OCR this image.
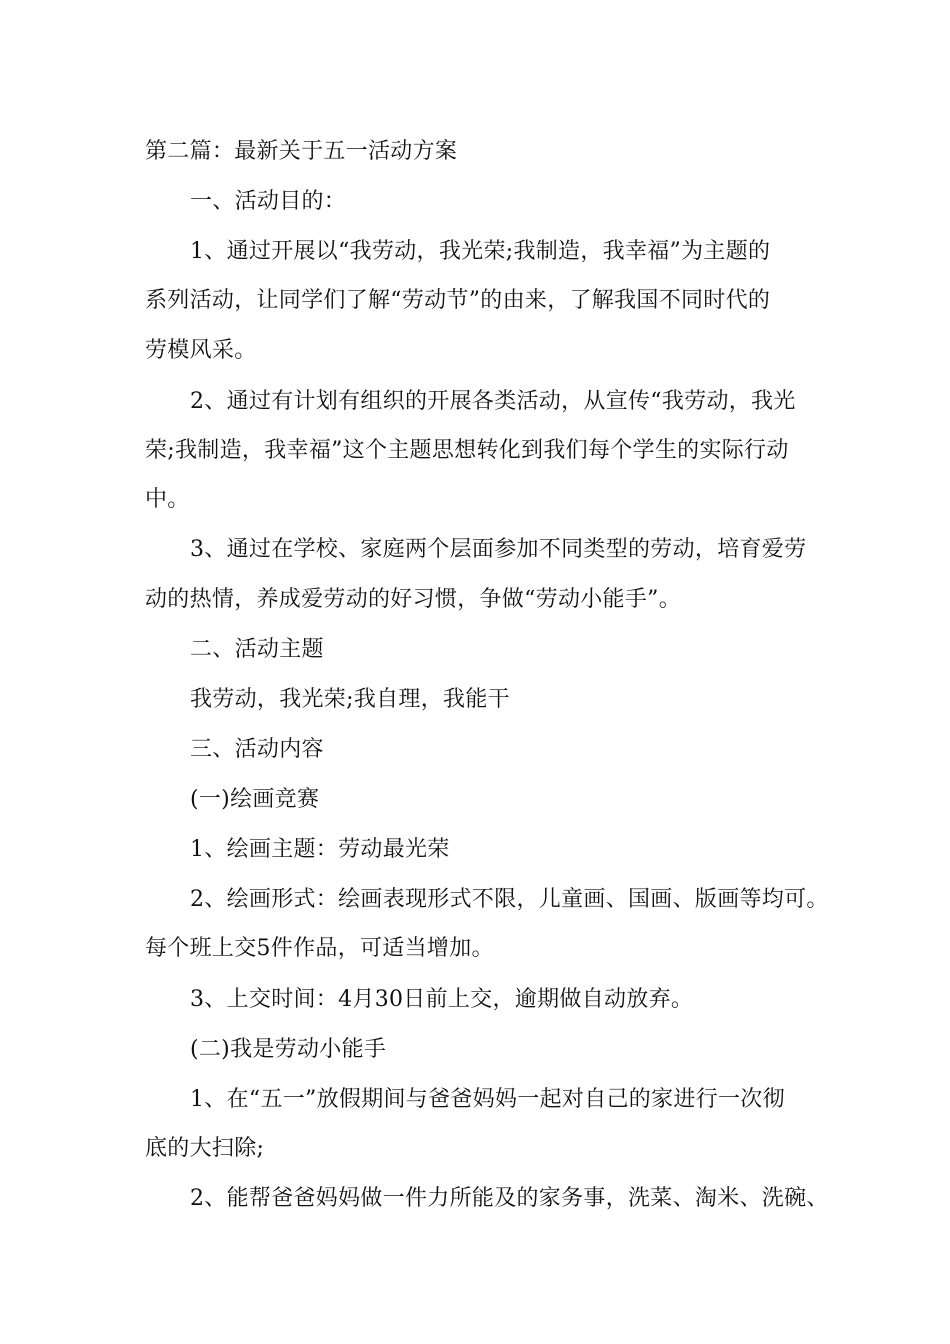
第二篇：最新关于五一活动方案
一、活动目的：
1、通过开展以“我劳动，我光荣;我制造，我幸福”为主题的
系列活动，让同学们了解“劳动节”的由来，了解我国不同时代的
劳模风采。
2、通过有计划有组织的开展各类活动，从宣传“我劳动，我光
荣;我制造，我幸福”这个主题思想转化到我们每个学生的实际行动
中。
3、通过在学校、家庭两个层面参加不同类型的劳动，培育爱劳
动的热情，养成爱劳动的好习惯，争做“劳动小能手”。
二、活动主题
我劳动，我光荣;我自理，我能干
三、活动内容
(一)绘画竞赛
1、绘画主题：劳动最光荣
2、绘画形式：绘画表现形式不限，儿童画、国画、版画等均可。
每个班上交5件作品，可适当增加。
3、上交时间：4月30日前上交，逾期做自动放弃。
(二)我是劳动小能手
1、在“五一”放假期间与爸爸妈妈一起对自己的家进行一次彻
底的大扫除;
2、能帮爸爸妈妈做一件力所能及的家务事，洗菜、淘米、洗碗、
